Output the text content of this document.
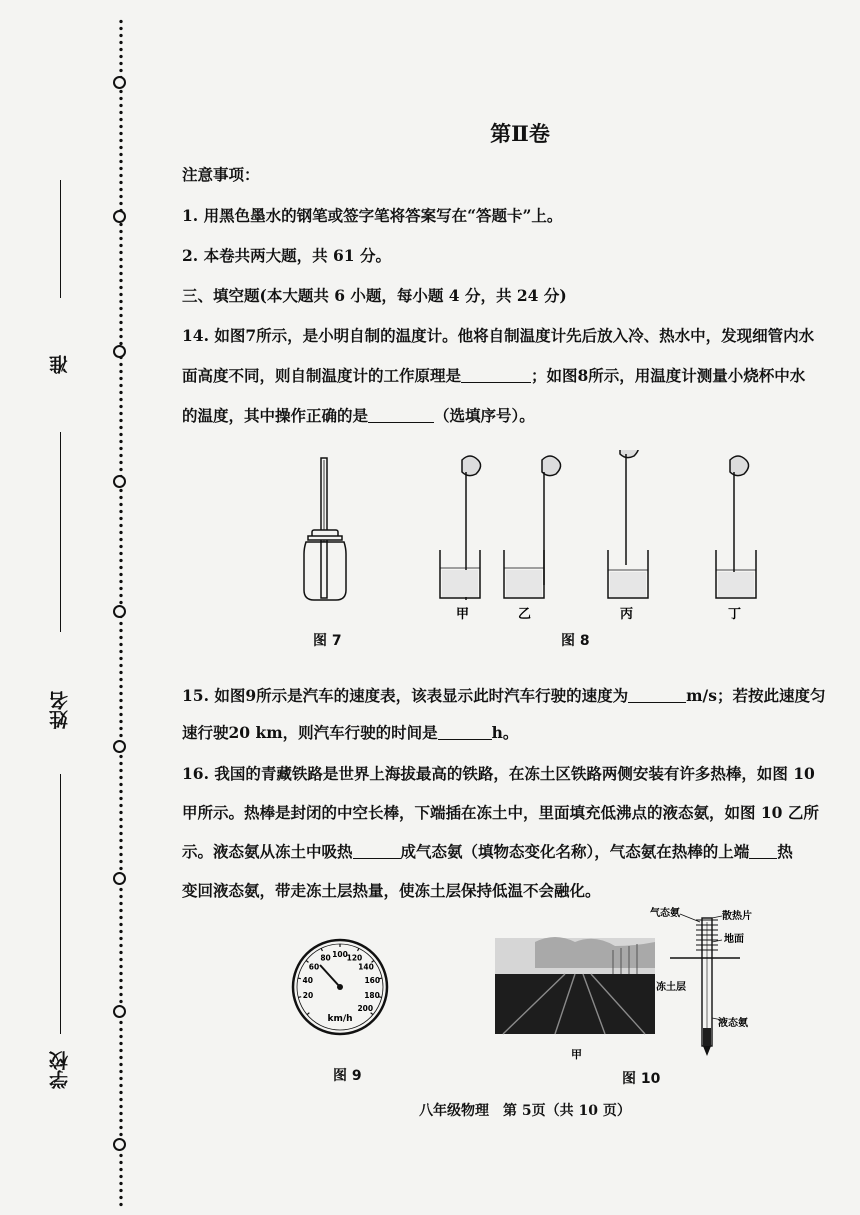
准
姓名
学校
第Ⅱ卷
注意事项：
1. 用黑色墨水的钢笔或签字笔将答案写在“答题卡”上。
2. 本卷共两大题，共 61 分。
三、填空题(本大题共 6 小题，每小题 4 分，共 24 分)
14. 如图7所示，是小明自制的温度计。他将自制温度计先后放入冷、热水中，发现细管内水
面高度不同，则自制温度计的工作原理是	；如图8所示，用温度计测量小烧杯中水
的温度，其中操作正确的是	（选填序号）。
甲	乙	丙	丁
图 7	图 8
15. 如图9所示是汽车的速度表，该表显示此时汽车行驶的速度为	m/s；若按此速度匀
速行驶20 km，则汽车行驶的时间是	h。
16. 我国的青藏铁路是世界上海拔最高的铁路，在冻土区铁路两侧安装有许多热棒，如图 10
甲所示。热棒是封闭的中空长棒，下端插在冻土中，里面填充低沸点的液态氨，如图 10 乙所
示。液态氨从冻土中吸热	成气态氨（填物态变化名称），气态氨在热棒的上端 热
变回液态氨，带走冻土层热量，使冻土层保持低温不会融化。
20
40
60
80 100
120
140
160
180
200
km/h
图 9
甲
气态氨	散热片
地面
冻土层
液态氨
图 10
八年级物理　第 5页（共 10 页）
